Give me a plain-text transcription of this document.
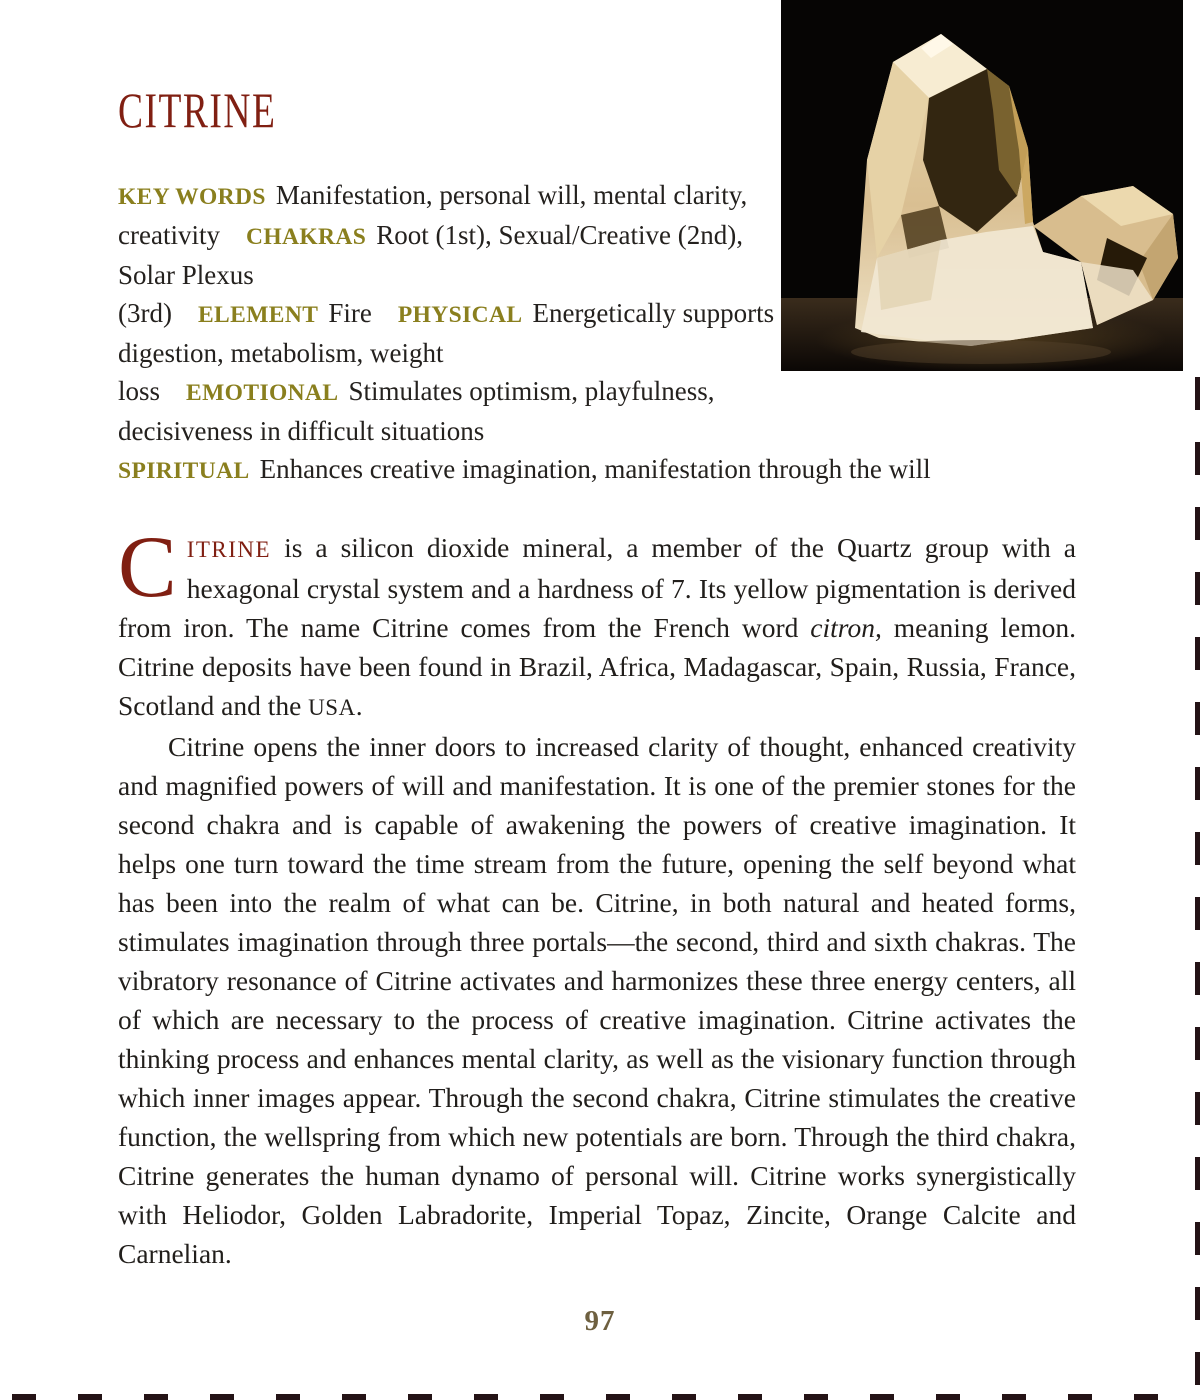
CITRINE

KEY WORDS Manifestation, personal will, mental clarity, creativity CHAKRAS Root (1st), Sexual/Creative (2nd), Solar Plexus (3rd) ELEMENT Fire PHYSICAL Energetically supports digestion, metabolism, weight loss EMOTIONAL Stimulates optimism, playfulness, decisiveness in difficult situations

SPIRITUAL Enhances creative imagination, manifestation through the will

CITRINE is a silicon dioxide mineral, a member of the Quartz group with a hexagonal crystal system and a hardness of 7. Its yellow pigmentation is derived from iron. The name Citrine comes from the French word citron, meaning lemon. Citrine deposits have been found in Brazil, Africa, Madagascar, Spain, Russia, France, Scotland and the USA.

Citrine opens the inner doors to increased clarity of thought, enhanced creativity and magnified powers of will and manifestation. It is one of the premier stones for the second chakra and is capable of awakening the powers of creative imagination. It helps one turn toward the time stream from the future, opening the self beyond what has been into the realm of what can be. Citrine, in both natural and heated forms, stimulates imagination through three portals—the second, third and sixth chakras. The vibratory resonance of Citrine activates and harmonizes these three energy centers, all of which are necessary to the process of creative imagination. Citrine activates the thinking process and enhances mental clarity, as well as the visionary function through which inner images appear. Through the second chakra, Citrine stimulates the creative function, the wellspring from which new potentials are born. Through the third chakra, Citrine generates the human dynamo of personal will. Citrine works synergistically with Heliodor, Golden Labradorite, Imperial Topaz, Zincite, Orange Calcite and Carnelian.

97
